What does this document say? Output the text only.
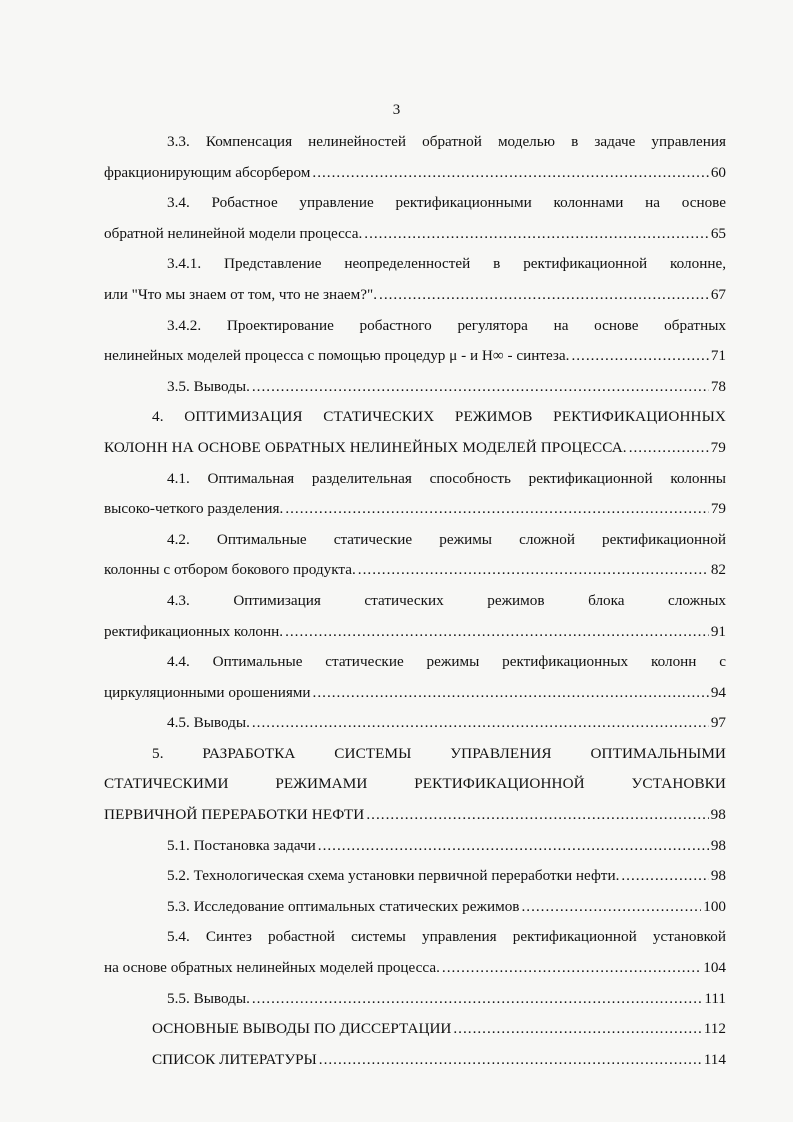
3
3.3. Компенсация нелинейностей обратной моделью в задаче управления
фракционирующим абсорбером .....	60
3.4. Робастное управление ректификационными колоннами на основе
обратной нелинейной модели процесса. .....	65
3.4.1. Представление неопределенностей в ректификационной колонне,
или "Что мы знаем от том, что не знаем?". .....	67
3.4.2. Проектирование робастного регулятора на основе обратных
нелинейных моделей процесса с помощью процедур μ - и H∞ - синтеза. .....	71
3.5. Выводы. .....	78
4. ОПТИМИЗАЦИЯ СТАТИЧЕСКИХ РЕЖИМОВ РЕКТИФИКАЦИОННЫХ
КОЛОНН НА ОСНОВЕ ОБРАТНЫХ НЕЛИНЕЙНЫХ МОДЕЛЕЙ ПРОЦЕССА. .....	79
4.1. Оптимальная разделительная способность ректификационной колонны
высоко-четкого разделения. .....	79
4.2. Оптимальные статические режимы сложной ректификационной
колонны с отбором бокового продукта. .....	82
4.3. Оптимизация статических режимов блока сложных
ректификационных колонн. .....	91
4.4. Оптимальные статические режимы ректификационных колонн с
циркуляционными орошениями .....	94
4.5. Выводы. .....	97
5. РАЗРАБОТКА СИСТЕМЫ УПРАВЛЕНИЯ ОПТИМАЛЬНЫМИ
СТАТИЧЕСКИМИ РЕЖИМАМИ РЕКТИФИКАЦИОННОЙ УСТАНОВКИ
ПЕРВИЧНОЙ ПЕРЕРАБОТКИ НЕФТИ .....	98
5.1. Постановка задачи .....	98
5.2. Технологическая схема установки первичной переработки нефти. .....	98
5.3. Исследование оптимальных статических режимов .....	100
5.4. Синтез робастной системы управления ректификационной установкой
на основе обратных нелинейных моделей процесса. .....	104
5.5. Выводы. .....	111
ОСНОВНЫЕ ВЫВОДЫ ПО ДИССЕРТАЦИИ .....	112
СПИСОК ЛИТЕРАТУРЫ .....	114
